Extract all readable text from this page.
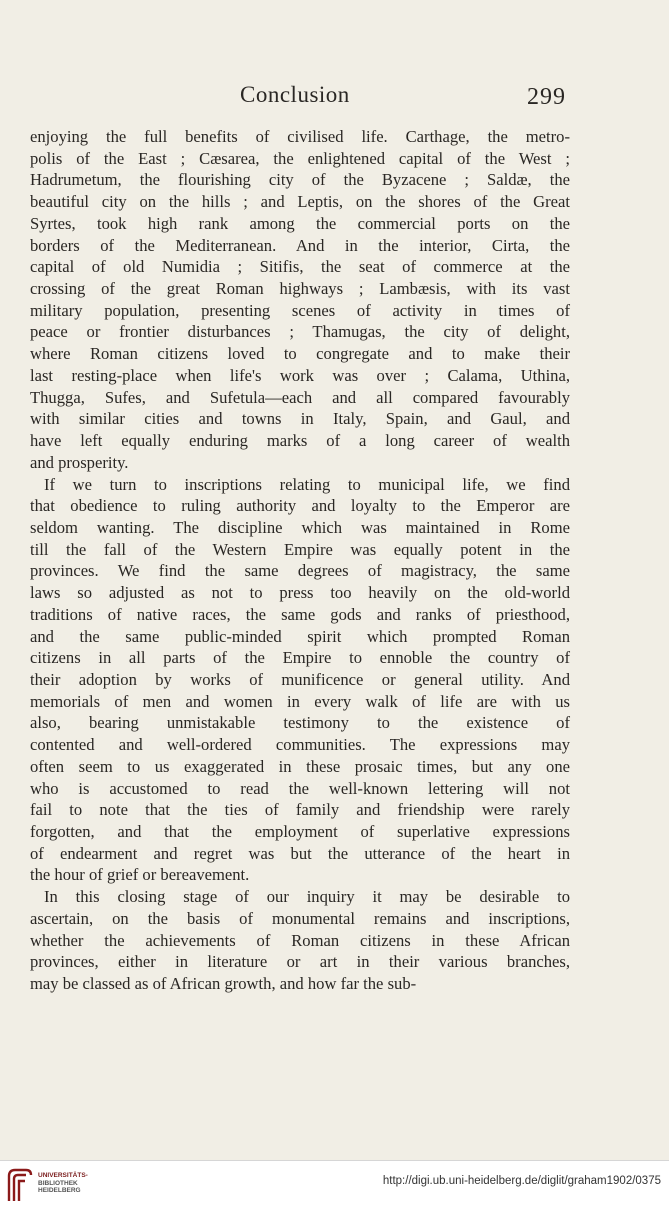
Conclusion	299
enjoying the full benefits of civilised life. Carthage, the metro-
polis of the East ; Cæsarea, the enlightened capital of the West ;
Hadrumetum, the flourishing city of the Byzacene ; Saldæ, the
beautiful city on the hills ; and Leptis, on the shores of the Great
Syrtes, took high rank among the commercial ports on the
borders of the Mediterranean. And in the interior, Cirta, the
capital of old Numidia ; Sitifis, the seat of commerce at the
crossing of the great Roman highways ; Lambæsis, with its vast
military population, presenting scenes of activity in times of
peace or frontier disturbances ; Thamugas, the city of delight,
where Roman citizens loved to congregate and to make their
last resting-place when life's work was over ; Calama, Uthina,
Thugga, Sufes, and Sufetula—each and all compared favourably
with similar cities and towns in Italy, Spain, and Gaul, and
have left equally enduring marks of a long career of wealth
and prosperity.
If we turn to inscriptions relating to municipal life, we find
that obedience to ruling authority and loyalty to the Emperor are
seldom wanting. The discipline which was maintained in Rome
till the fall of the Western Empire was equally potent in the
provinces. We find the same degrees of magistracy, the same
laws so adjusted as not to press too heavily on the old-world
traditions of native races, the same gods and ranks of priesthood,
and the same public-minded spirit which prompted Roman
citizens in all parts of the Empire to ennoble the country of
their adoption by works of munificence or general utility. And
memorials of men and women in every walk of life are with us
also, bearing unmistakable testimony to the existence of
contented and well-ordered communities. The expressions may
often seem to us exaggerated in these prosaic times, but any one
who is accustomed to read the well-known lettering will not
fail to note that the ties of family and friendship were rarely
forgotten, and that the employment of superlative expressions
of endearment and regret was but the utterance of the heart in
the hour of grief or bereavement.
In this closing stage of our inquiry it may be desirable to
ascertain, on the basis of monumental remains and inscriptions,
whether the achievements of Roman citizens in these African
provinces, either in literature or art in their various branches,
may be classed as of African growth, and how far the sub-
UNIVERSITÄTS-
BIBLIOTHEK
HEIDELBERG
http://digi.ub.uni-heidelberg.de/diglit/graham1902/0375
